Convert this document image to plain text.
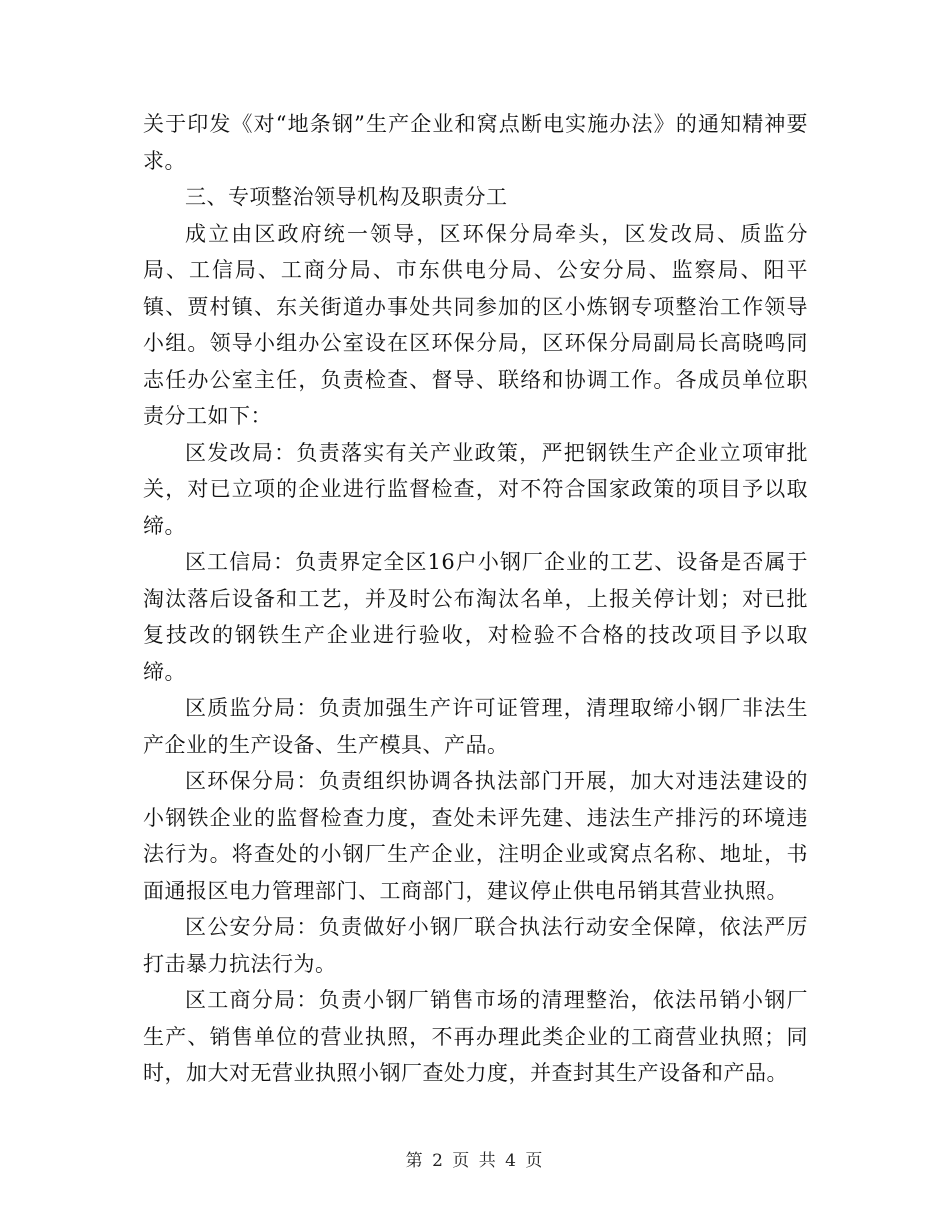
关于印发《对“地条钢”生产企业和窝点断电实施办法》的通知精神要求。

三、专项整治领导机构及职责分工

成立由区政府统一领导，区环保分局牵头，区发改局、质监分局、工信局、工商分局、市东供电分局、公安分局、监察局、阳平镇、贾村镇、东关街道办事处共同参加的区小炼钢专项整治工作领导小组。领导小组办公室设在区环保分局，区环保分局副局长高晓鸣同志任办公室主任，负责检查、督导、联络和协调工作。各成员单位职责分工如下：

区发改局：负责落实有关产业政策，严把钢铁生产企业立项审批关，对已立项的企业进行监督检查，对不符合国家政策的项目予以取缔。

区工信局：负责界定全区16户小钢厂企业的工艺、设备是否属于淘汰落后设备和工艺，并及时公布淘汰名单，上报关停计划；对已批复技改的钢铁生产企业进行验收，对检验不合格的技改项目予以取缔。

区质监分局：负责加强生产许可证管理，清理取缔小钢厂非法生产企业的生产设备、生产模具、产品。

区环保分局：负责组织协调各执法部门开展，加大对违法建设的小钢铁企业的监督检查力度，查处未评先建、违法生产排污的环境违法行为。将查处的小钢厂生产企业，注明企业或窝点名称、地址，书面通报区电力管理部门、工商部门，建议停止供电吊销其营业执照。

区公安分局：负责做好小钢厂联合执法行动安全保障，依法严厉打击暴力抗法行为。

区工商分局：负责小钢厂销售市场的清理整治，依法吊销小钢厂生产、销售单位的营业执照，不再办理此类企业的工商营业执照；同时，加大对无营业执照小钢厂查处力度，并查封其生产设备和产品。

第 2 页 共 4 页
